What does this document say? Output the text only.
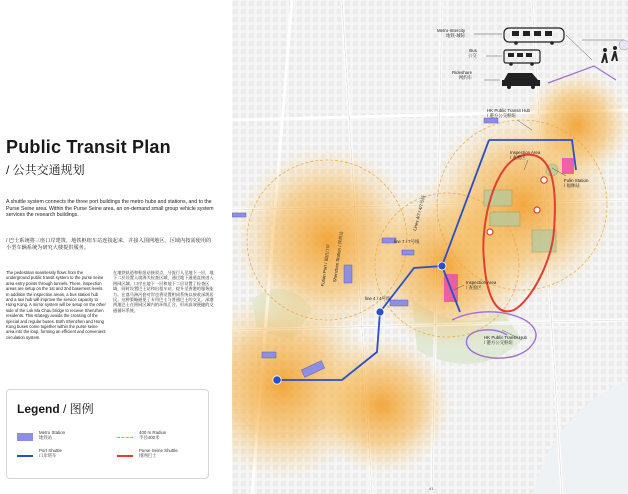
Public Transit Plan
/ 公共交通规划
A shuttle system connects the three port buildings the metro hubs and stations, and to the Purse Seine area. Within the Purse Seine area, an on-demand small group vehicle system services the research buildings.
/ 巴士系统将三座口岸建筑，地铁枢纽车站连接起来，并接入围网地区。区域内按需使用的小型车辆系统为研究大楼提供服务。
The pedestrian seamlessly flows from the underground public transit system to the purse seine area entry points through tunnels. There, inspection areas are setup on the 1st and 2nd basement levels. In addition the inspection areas, a bus station hub and a taxi hub will improve the service capacity to Hong Kong. A mirror system will be setup on the other side of the Lok Ma Chau bridge to receive Shenzhen residents. This strategy avoids the crossing of the special and regular buses. Both Shenzhen and Hong Kong buses come together within the purse seine area into the loop, forming an efficient and convenient circulation system.
在地铁轨道和枢纽站接驳点，分流行人至地下一层，地下二层设置入境海关检查区域，通过地下通道直接进入围网区域。口岸在地下一层和地下二层设置了检查区域，同时设置巴士站和出租车站，提升至香港的服务能力。在落马洲河套对岸也将设置相同系统以接收深圳居民。这种策略避免了专用巴士与普通巴士的交叉。深港两地巴士在围网区域内的环线汇合，形成高效便捷的交通循环系统。
Legend / 图例
Metro Station
地铁站
400 m Radius
半径400米
Port Shuttle
口岸班车
Purse Seine Shuttle
围网巴士
Metro-Intercity
地铁-城际
Bus
公交
Rideshare
网约车
HK Public Transit Hub
/ 港方公交枢纽
Inspection Area
/ 查验区
Fulin Station
/ 福林站
Inspection Area
/ 查验区
HK Public Transit Hub
/ 港方公交枢纽
line 7 / 7号线
line 4 / 4号线
Futian Port / 福田口岸 Shenzhen Station / 深圳站
Lines 4/7 / 4/7号线
41
